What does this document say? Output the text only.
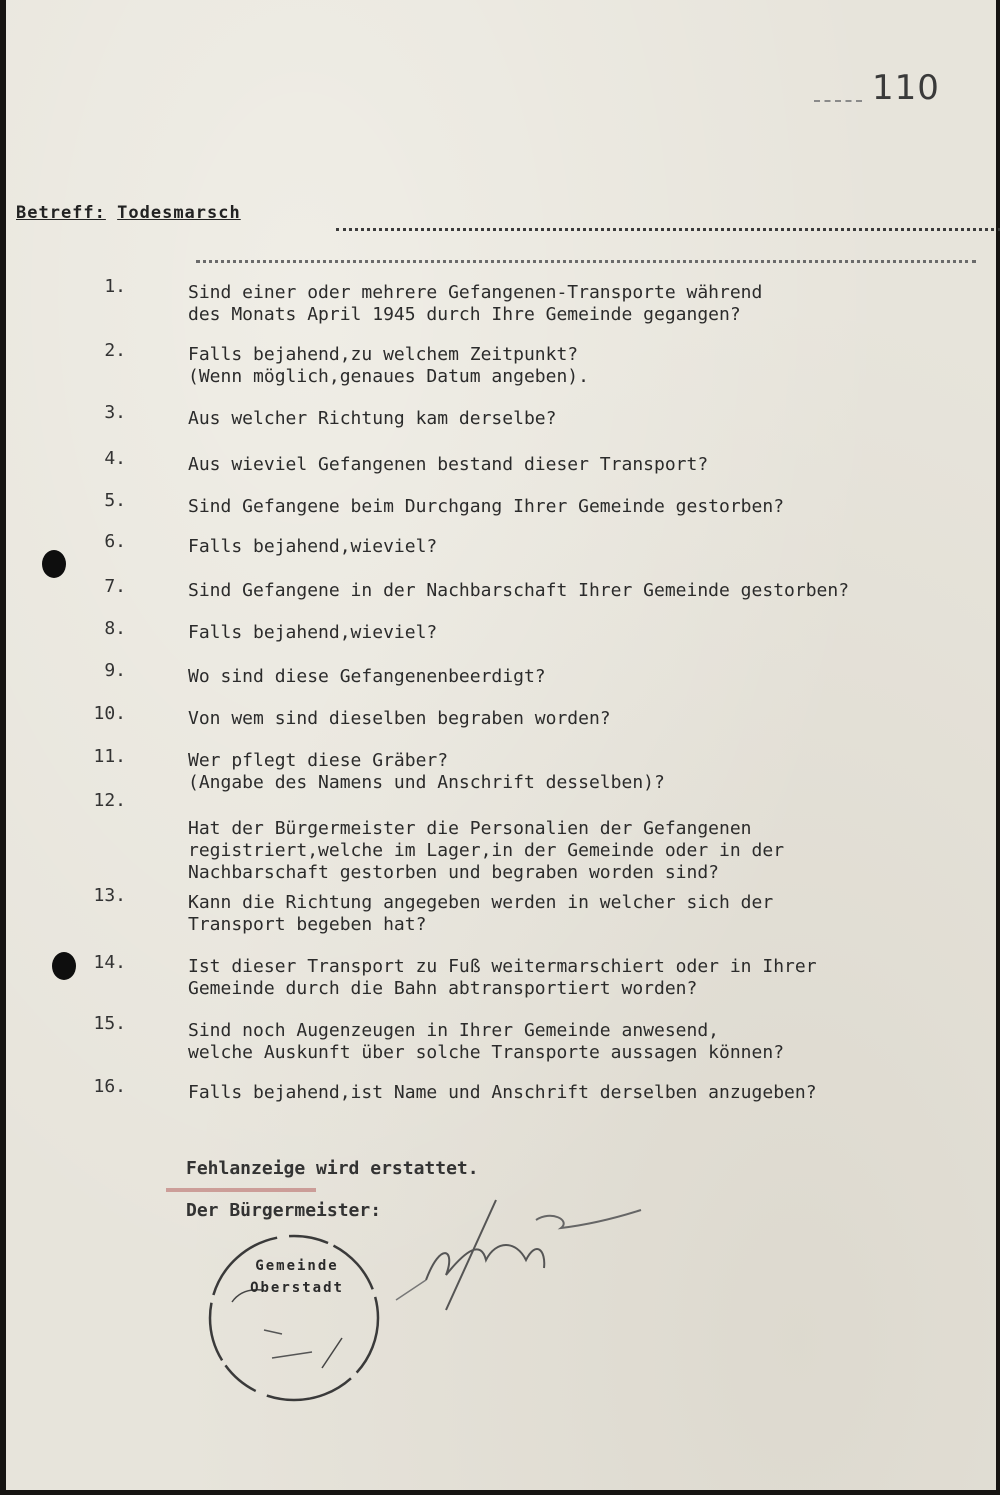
110
Betreff: Todesmarsch
1.	Sind einer oder mehrere Gefangenen-Transporte während
des Monats April 1945 durch Ihre Gemeinde gegangen?
2.	Falls bejahend,zu welchem Zeitpunkt?
(Wenn möglich,genaues Datum angeben).
3.	Aus welcher Richtung kam derselbe?
4.	Aus wieviel Gefangenen bestand dieser Transport?
5.	Sind Gefangene beim Durchgang Ihrer Gemeinde gestorben?
6.	Falls bejahend,wieviel?
7.	Sind Gefangene in der Nachbarschaft Ihrer Gemeinde gestorben?
8.	Falls bejahend,wieviel?
9.	Wo sind diese Gefangenenbeerdigt?
10.	Von wem sind dieselben begraben worden?
11.	Wer pflegt diese Gräber?
(Angabe des Namens und Anschrift desselben)?
12.
Hat der Bürgermeister die Personalien der Gefangenen
registriert,welche im Lager,in der Gemeinde oder in der
Nachbarschaft gestorben und begraben worden sind?
13.	Kann die Richtung angegeben werden in welcher sich der
Transport begeben hat?
14.	Ist dieser Transport zu Fuß weitermarschiert oder in Ihrer
Gemeinde durch die Bahn abtransportiert worden?
15.	Sind noch Augenzeugen in Ihrer Gemeinde anwesend,
welche Auskunft über solche Transporte aussagen können?
16.	Falls bejahend,ist Name und Anschrift derselben anzugeben?
Fehlanzeige wird erstattet.
Der Bürgermeister:
Gemeinde
Oberstadt
